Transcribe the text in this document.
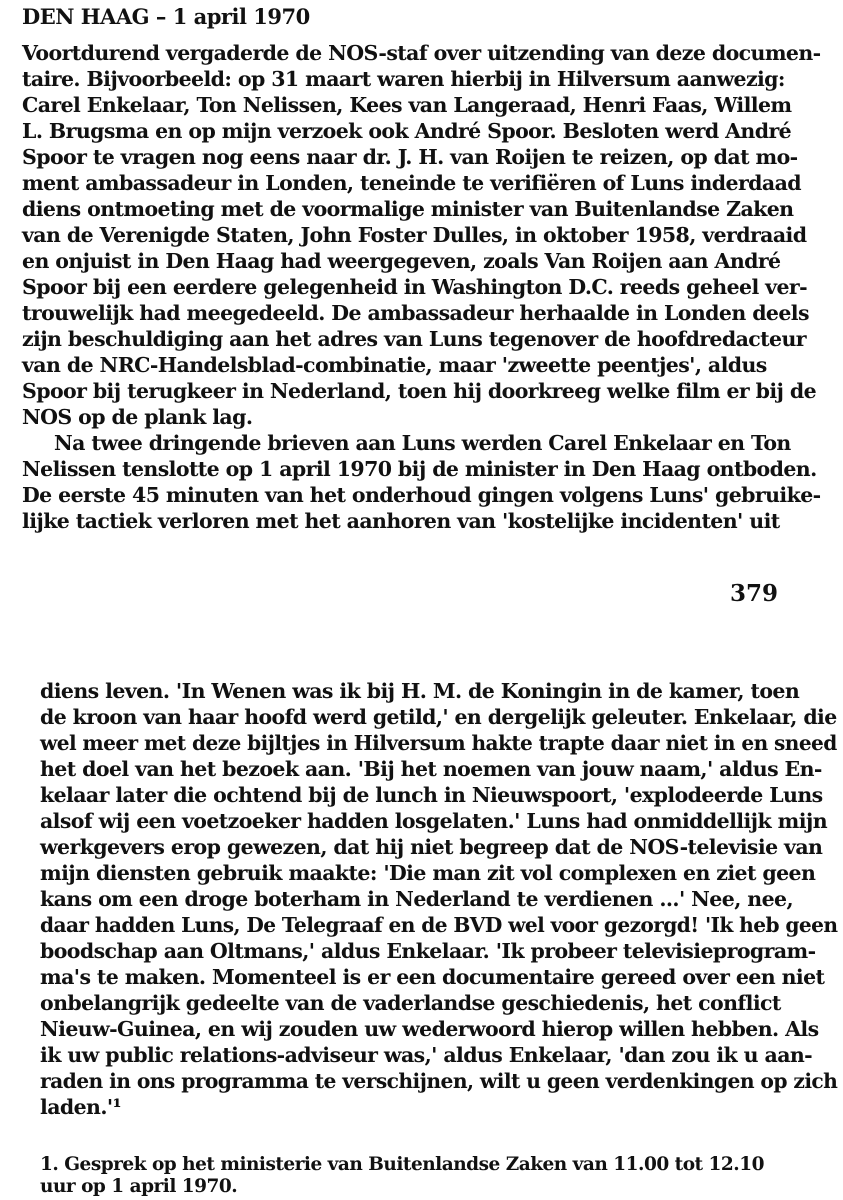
DEN HAAG – 1 april 1970
Voortdurend vergaderde de NOS-staf over uitzending van deze documen-
taire. Bijvoorbeeld: op 31 maart waren hierbij in Hilversum aanwezig:
Carel Enkelaar, Ton Nelissen, Kees van Langeraad, Henri Faas, Willem
L. Brugsma en op mijn verzoek ook André Spoor. Besloten werd André
Spoor te vragen nog eens naar dr. J. H. van Roijen te reizen, op dat mo-
ment ambassadeur in Londen, teneinde te verifiëren of Luns inderdaad
diens ontmoeting met de voormalige minister van Buitenlandse Zaken
van de Verenigde Staten, John Foster Dulles, in oktober 1958, verdraaid
en onjuist in Den Haag had weergegeven, zoals Van Roijen aan André
Spoor bij een eerdere gelegenheid in Washington D.C. reeds geheel ver-
trouwelijk had meegedeeld. De ambassadeur herhaalde in Londen deels
zijn beschuldiging aan het adres van Luns tegenover de hoofdredacteur
van de NRC-Handelsblad-combinatie, maar 'zweette peentjes', aldus
Spoor bij terugkeer in Nederland, toen hij doorkreeg welke film er bij de
NOS op de plank lag.
Na twee dringende brieven aan Luns werden Carel Enkelaar en Ton
Nelissen tenslotte op 1 april 1970 bij de minister in Den Haag ontboden.
De eerste 45 minuten van het onderhoud gingen volgens Luns' gebruike-
lijke tactiek verloren met het aanhoren van 'kostelijke incidenten' uit

379

diens leven. 'In Wenen was ik bij H. M. de Koningin in de kamer, toen
de kroon van haar hoofd werd getild,' en dergelijk geleuter. Enkelaar, die
wel meer met deze bijltjes in Hilversum hakte trapte daar niet in en sneed
het doel van het bezoek aan. 'Bij het noemen van jouw naam,' aldus En-
kelaar later die ochtend bij de lunch in Nieuwspoort, 'explodeerde Luns
alsof wij een voetzoeker hadden losgelaten.' Luns had onmiddellijk mijn
werkgevers erop gewezen, dat hij niet begreep dat de NOS-televisie van
mijn diensten gebruik maakte: 'Die man zit vol complexen en ziet geen
kans om een droge boterham in Nederland te verdienen ...' Nee, nee,
daar hadden Luns, De Telegraaf en de BVD wel voor gezorgd! 'Ik heb geen
boodschap aan Oltmans,' aldus Enkelaar. 'Ik probeer televisieprogram-
ma's te maken. Momenteel is er een documentaire gereed over een niet
onbelangrijk gedeelte van de vaderlandse geschiedenis, het conflict
Nieuw-Guinea, en wij zouden uw wederwoord hierop willen hebben. Als
ik uw public relations-adviseur was,' aldus Enkelaar, 'dan zou ik u aan-
raden in ons programma te verschijnen, wilt u geen verdenkingen op zich
laden.'¹
1. Gesprek op het ministerie van Buitenlandse Zaken van 11.00 tot 12.10
uur op 1 april 1970.
